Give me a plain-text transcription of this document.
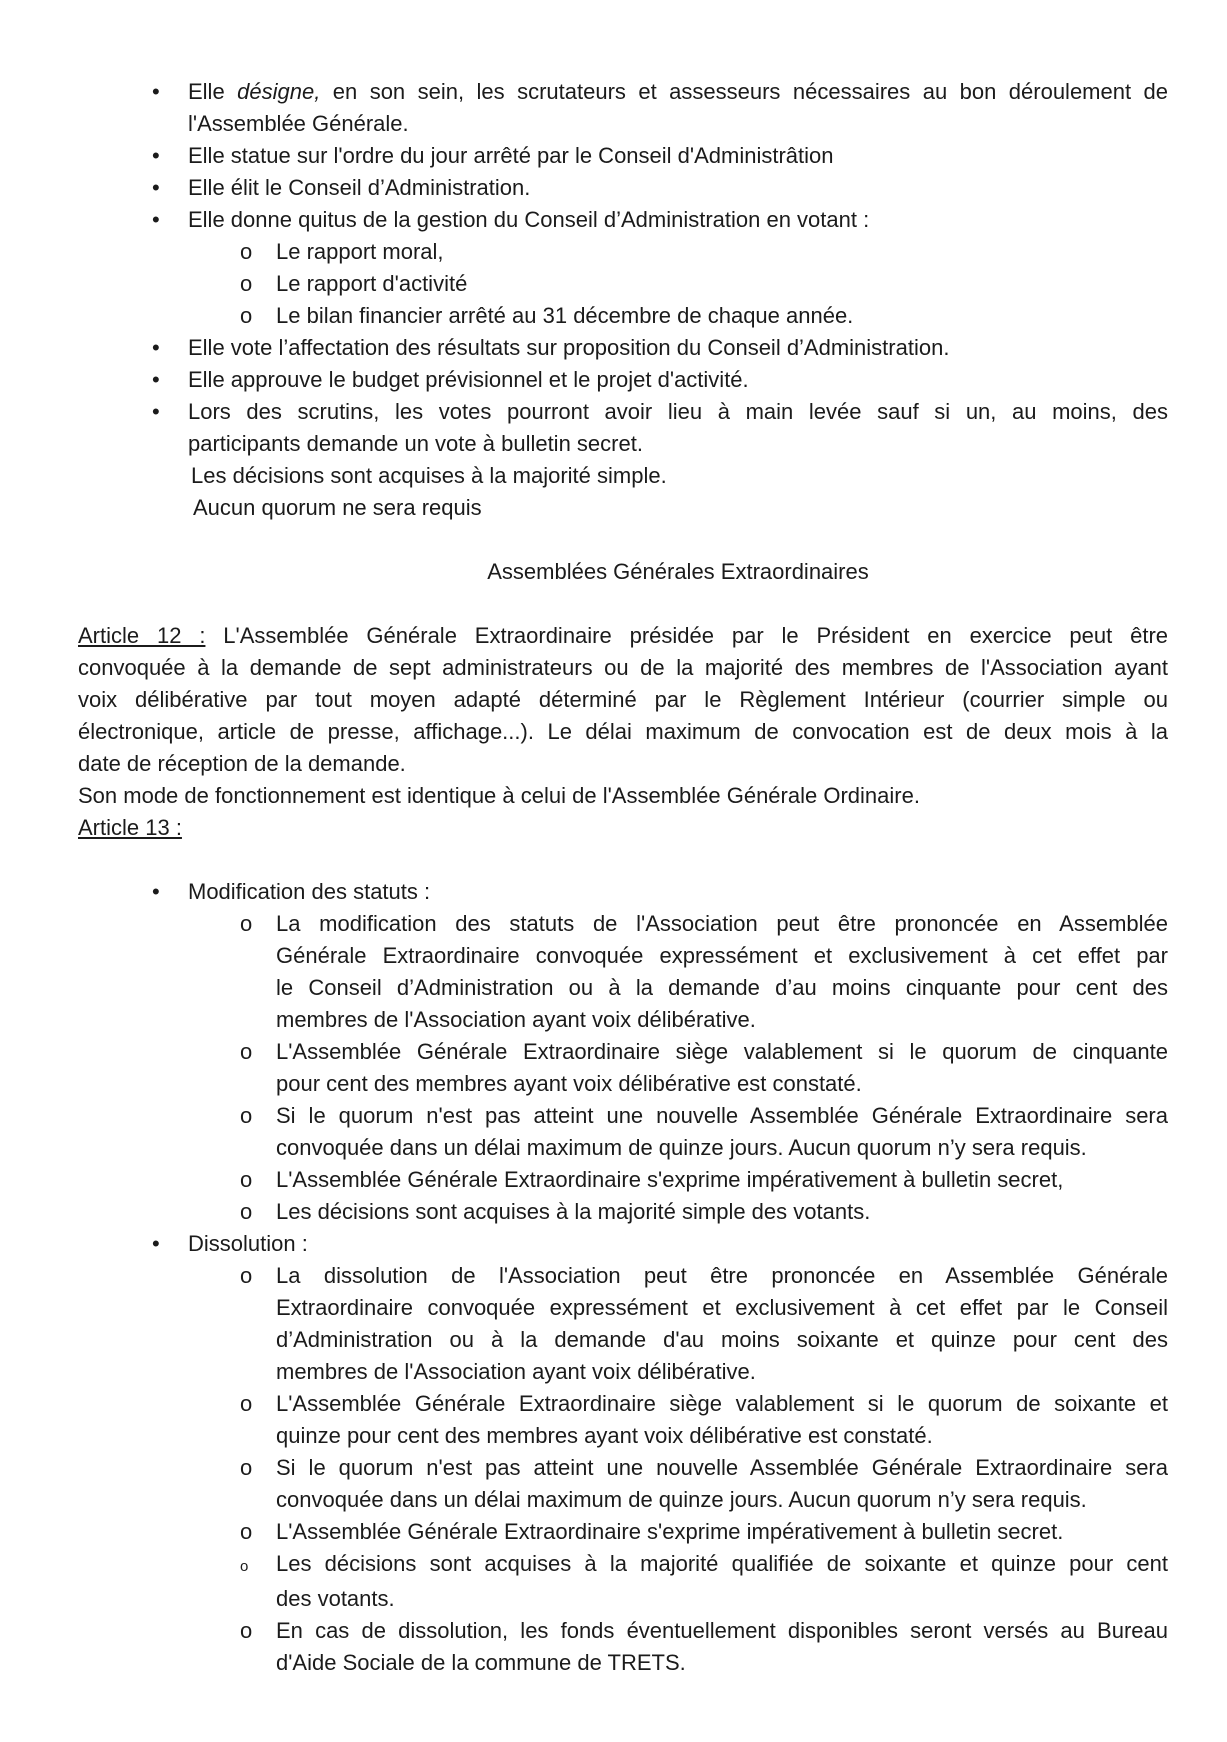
•	Elle désigne, en son sein, les scrutateurs et assesseurs nécessaires au bon déroulement de
l'Assemblée Générale.
•	Elle statue sur l'ordre du jour arrêté par le Conseil d'Administrâtion
•	Elle élit le Conseil d’Administration.
•	Elle donne quitus de la gestion du Conseil d’Administration en votant :
o	Le rapport moral,
o	Le rapport d'activité
o	Le bilan financier arrêté au 31 décembre de chaque année.
•	Elle vote l’affectation des résultats sur proposition du Conseil d’Administration.
•	Elle approuve le budget prévisionnel et le projet d'activité.
•	Lors des scrutins, les votes pourront avoir lieu à main levée sauf si un, au moins, des
participants demande un vote à bulletin secret.
Les décisions sont acquises à la majorité simple.
Aucun quorum ne sera requis
Assemblées Générales Extraordinaires
Article 12 : L'Assemblée Générale Extraordinaire présidée par le Président en exercice peut être
convoquée à la demande de sept administrateurs ou de la majorité des membres de l'Association ayant
voix délibérative par tout moyen adapté déterminé par le Règlement Intérieur (courrier simple ou
électronique, article de presse, affichage...). Le délai maximum de convocation est de deux mois à la
date de réception de la demande.
Son mode de fonctionnement est identique à celui de l'Assemblée Générale Ordinaire.
Article 13 :
•	Modification des statuts :
o	La modification des statuts de l'Association peut être prononcée en Assemblée
Générale Extraordinaire convoquée expressément et exclusivement à cet effet par
le Conseil d’Administration ou à la demande d’au moins cinquante pour cent des
membres de l'Association ayant voix délibérative.
o	L'Assemblée Générale Extraordinaire siège valablement si le quorum de cinquante
pour cent des membres ayant voix délibérative est constaté.
o	Si le quorum n'est pas atteint une nouvelle Assemblée Générale Extraordinaire sera
convoquée dans un délai maximum de quinze jours. Aucun quorum n’y sera requis.
o	L'Assemblée Générale Extraordinaire s'exprime impérativement à bulletin secret,
o	Les décisions sont acquises à la majorité simple des votants.
•	Dissolution :
o	La dissolution de l'Association peut être prononcée en Assemblée Générale
Extraordinaire convoquée expressément et exclusivement à cet effet par le Conseil
d’Administration ou à la demande d'au moins soixante et quinze pour cent des
membres de l'Association ayant voix délibérative.
o	L'Assemblée Générale Extraordinaire siège valablement si le quorum de soixante et
quinze pour cent des membres ayant voix délibérative est constaté.
o	Si le quorum n'est pas atteint une nouvelle Assemblée Générale Extraordinaire sera
convoquée dans un délai maximum de quinze jours. Aucun quorum n’y sera requis.
o	L'Assemblée Générale Extraordinaire s'exprime impérativement à bulletin secret.
o	Les décisions sont acquises à la majorité qualifiée de soixante et quinze pour cent
des votants.
o	En cas de dissolution, les fonds éventuellement disponibles seront versés au Bureau
d'Aide Sociale de la commune de TRETS.
